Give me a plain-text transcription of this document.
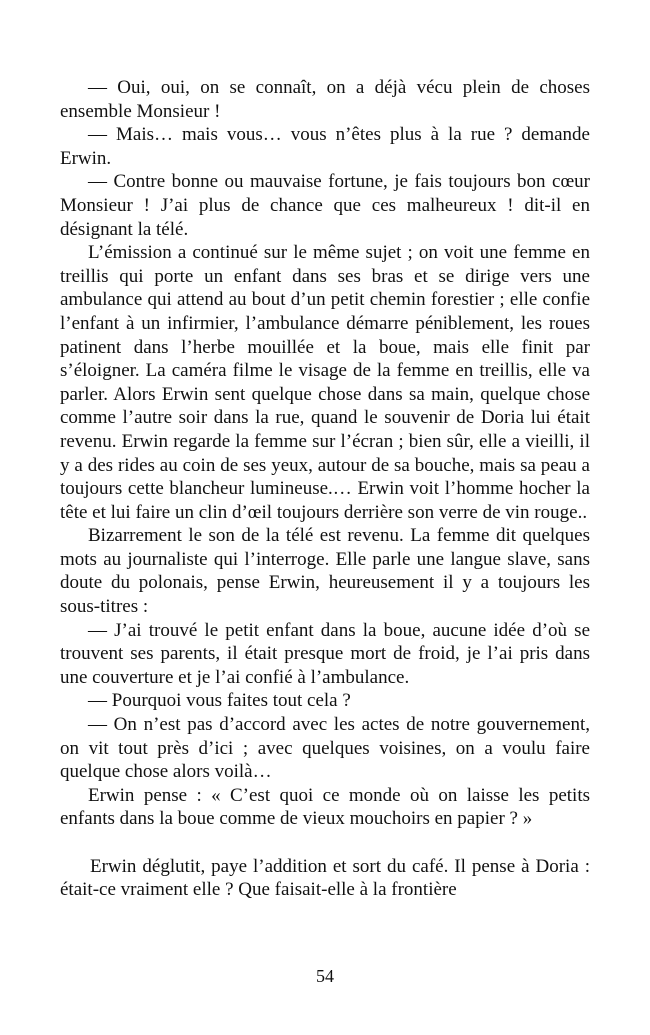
— Oui, oui, on se connaît, on a déjà vécu plein de choses ensemble Monsieur !

— Mais… mais vous… vous n’êtes plus à la rue ? demande Erwin.

— Contre bonne ou mauvaise fortune, je fais toujours bon cœur Monsieur ! J’ai plus de chance que ces malheureux ! dit-il en désignant la télé.

L’émission a continué sur le même sujet ; on voit une femme en treillis qui porte un enfant dans ses bras et se dirige vers une ambulance qui attend au bout d’un petit chemin forestier ; elle confie l’enfant à un infirmier, l’ambulance démarre péniblement, les roues patinent dans l’herbe mouillée et la boue, mais elle finit par s’éloigner. La caméra filme le visage de la femme en treillis, elle va parler. Alors Erwin sent quelque chose dans sa main, quelque chose comme l’autre soir dans la rue, quand le souvenir de Doria lui était revenu. Erwin regarde la femme sur l’écran ; bien sûr, elle a vieilli, il y a des rides au coin de ses yeux, autour de sa bouche, mais sa peau a toujours cette blancheur lumineuse.… Erwin voit l’homme hocher la tête et lui faire un clin d’œil toujours derrière son verre de vin rouge..

Bizarrement le son de la télé est revenu. La femme dit quelques mots au journaliste qui l’interroge. Elle parle une langue slave, sans doute du polonais, pense Erwin, heureusement il y a toujours les sous-titres :

— J’ai trouvé le petit enfant dans la boue, aucune idée d’où se trouvent ses parents, il était presque mort de froid, je l’ai pris dans une couverture et je l’ai confié à l’ambulance.

— Pourquoi vous faites tout cela ?

— On n’est pas d’accord avec les actes de notre gouvernement, on vit tout près d’ici ; avec quelques voisines, on a voulu faire quelque chose alors voilà…

Erwin pense : « C’est quoi ce monde où on laisse les petits enfants dans la boue comme de vieux mouchoirs en papier ? »

Erwin déglutit, paye l’addition et sort du café. Il pense à Doria : était-ce vraiment elle ? Que faisait-elle à la frontière

54
